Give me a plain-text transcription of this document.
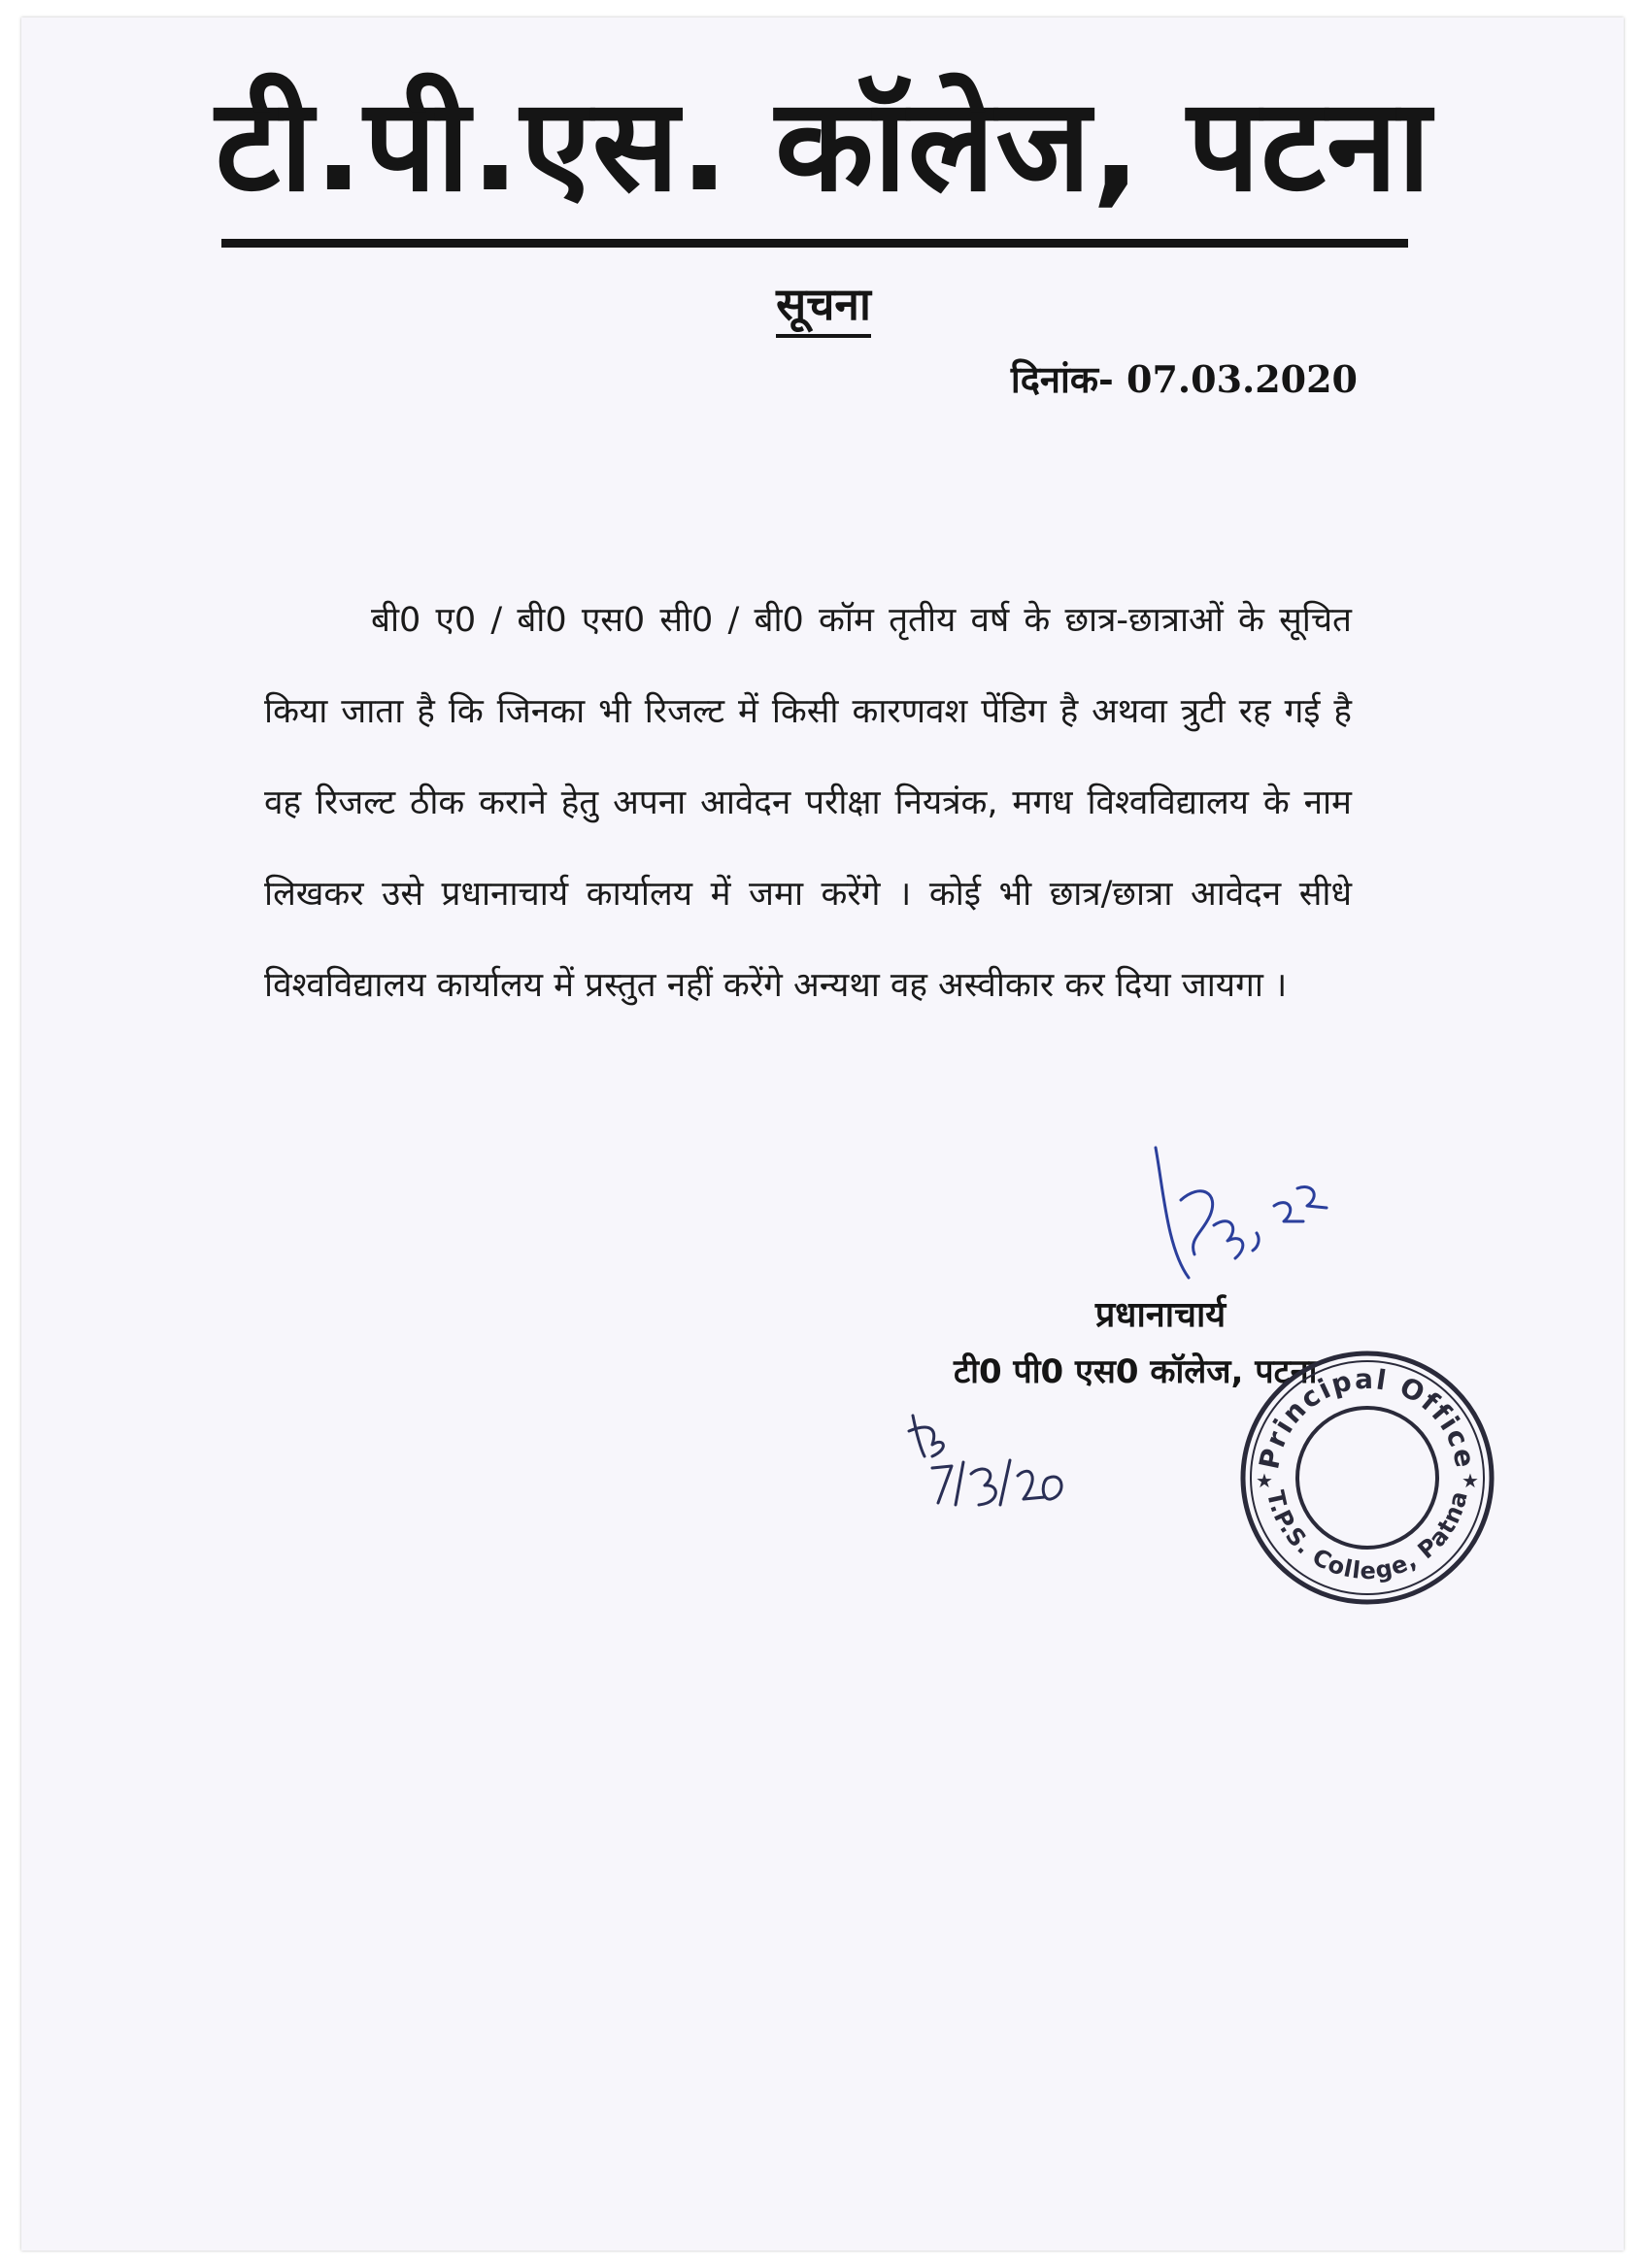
टी.पी.एस. कॉलेज, पटना
सूचना
दिनांक- 07.03.2020

बी0 ए0 / बी0 एस0 सी0 / बी0 कॉम तृतीय वर्ष के छात्र-छात्राओं के सूचित किया जाता है कि जिनका भी रिजल्ट में किसी कारणवश पेंडिग है अथवा त्रुटी रह गई है वह रिजल्ट ठीक कराने हेतु अपना आवेदन परीक्षा नियत्रंक, मगध विश्वविद्यालय के नाम लिखकर उसे प्रधानाचार्य कार्यालय में जमा करेंगे । कोई भी छात्र/छात्रा आवेदन सीधे विश्वविद्यालय कार्यालय में प्रस्तुत नहीं करेंगे अन्यथा वह अस्वीकार कर दिया जायगा ।

प्रधानाचार्य
टी0 पी0 एस0 कॉलेज, पटना
Principal Office
T.P.S. College, Patna
★	★
